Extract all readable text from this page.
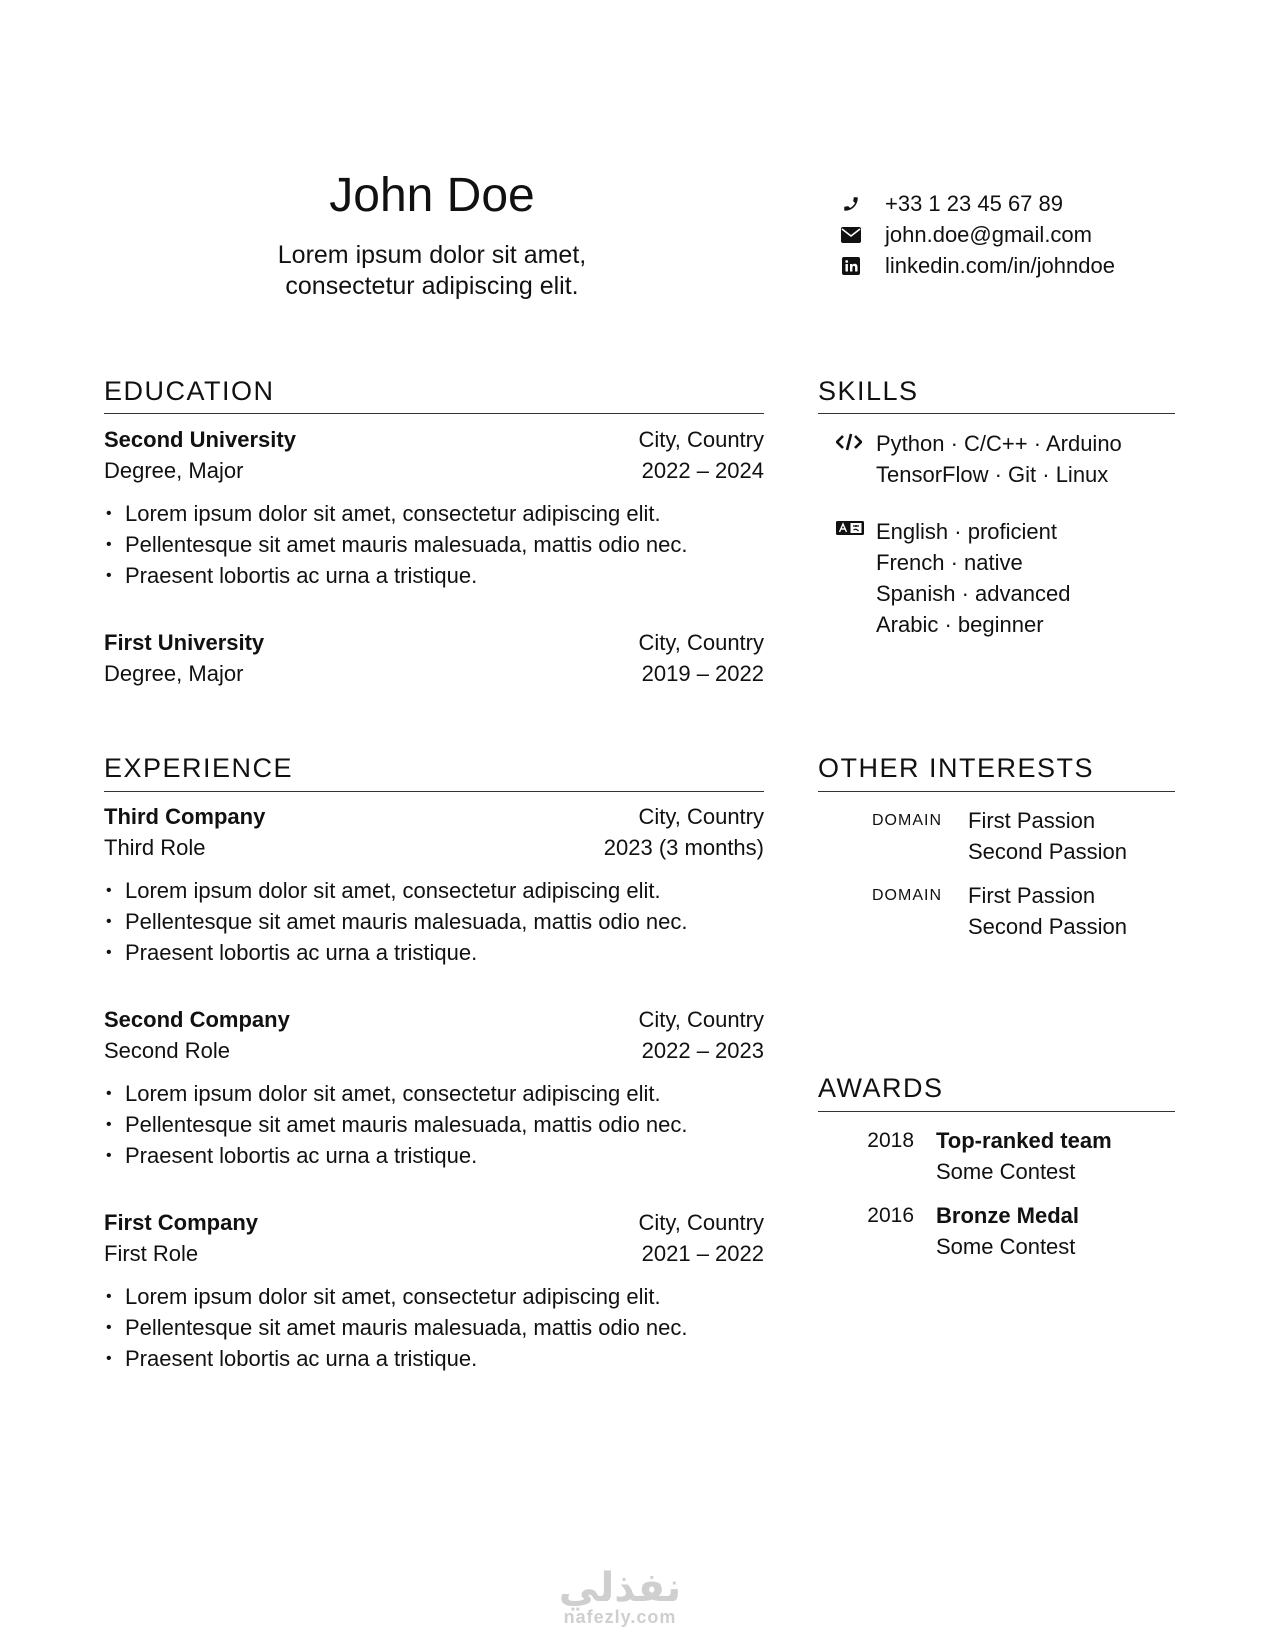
John Doe
Lorem ipsum dolor sit amet,
consectetur adipiscing elit.
+33 1 23 45 67 89
john.doe@gmail.com
linkedin.com/in/johndoe
EDUCATION
Second University	City, Country
Degree, Major	2022 – 2024
• Lorem ipsum dolor sit amet, consectetur adipiscing elit.
• Pellentesque sit amet mauris malesuada, mattis odio nec.
• Praesent lobortis ac urna a tristique.
First University	City, Country
Degree, Major	2019 – 2022
EXPERIENCE
Third Company	City, Country
Third Role	2023 (3 months)
• Lorem ipsum dolor sit amet, consectetur adipiscing elit.
• Pellentesque sit amet mauris malesuada, mattis odio nec.
• Praesent lobortis ac urna a tristique.
Second Company	City, Country
Second Role	2022 – 2023
• Lorem ipsum dolor sit amet, consectetur adipiscing elit.
• Pellentesque sit amet mauris malesuada, mattis odio nec.
• Praesent lobortis ac urna a tristique.
First Company	City, Country
First Role	2021 – 2022
• Lorem ipsum dolor sit amet, consectetur adipiscing elit.
• Pellentesque sit amet mauris malesuada, mattis odio nec.
• Praesent lobortis ac urna a tristique.
SKILLS
Python · C/C++ · Arduino
TensorFlow · Git · Linux
English · proficient
French · native
Spanish · advanced
Arabic · beginner
OTHER INTERESTS
DOMAIN	First Passion
Second Passion
DOMAIN	First Passion
Second Passion
AWARDS
2018	Top-ranked team
Some Contest
2016	Bronze Medal
Some Contest
نفذلي
nafezly.com
